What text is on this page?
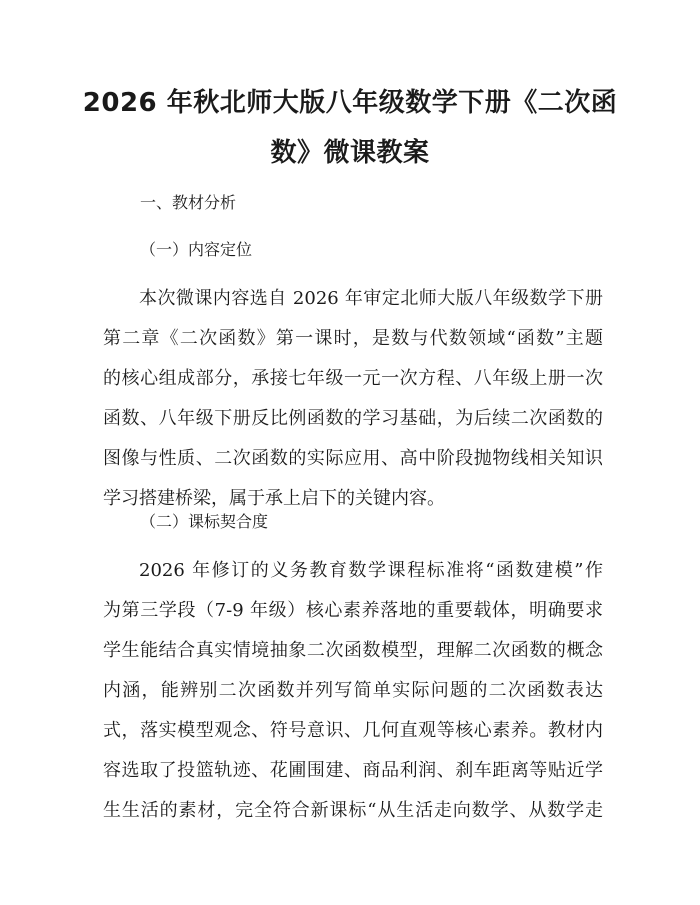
2026 年秋北师大版八年级数学下册《二次函
数》微课教案

一、教材分析

（一）内容定位

本次微课内容选自 2026 年审定北师大版八年级数学下册
第二章《二次函数》第一课时，是数与代数领域“函数”主题
的核心组成部分，承接七年级一元一次方程、八年级上册一次
函数、八年级下册反比例函数的学习基础，为后续二次函数的
图像与性质、二次函数的实际应用、高中阶段抛物线相关知识
学习搭建桥梁，属于承上启下的关键内容。

（二）课标契合度

2026 年修订的义务教育数学课程标准将“函数建模”作
为第三学段（7-9 年级）核心素养落地的重要载体，明确要求
学生能结合真实情境抽象二次函数模型，理解二次函数的概念
内涵，能辨别二次函数并列写简单实际问题的二次函数表达
式，落实模型观念、符号意识、几何直观等核心素养。教材内
容选取了投篮轨迹、花圃围建、商品利润、刹车距离等贴近学
生生活的素材，完全符合新课标“从生活走向数学、从数学走
